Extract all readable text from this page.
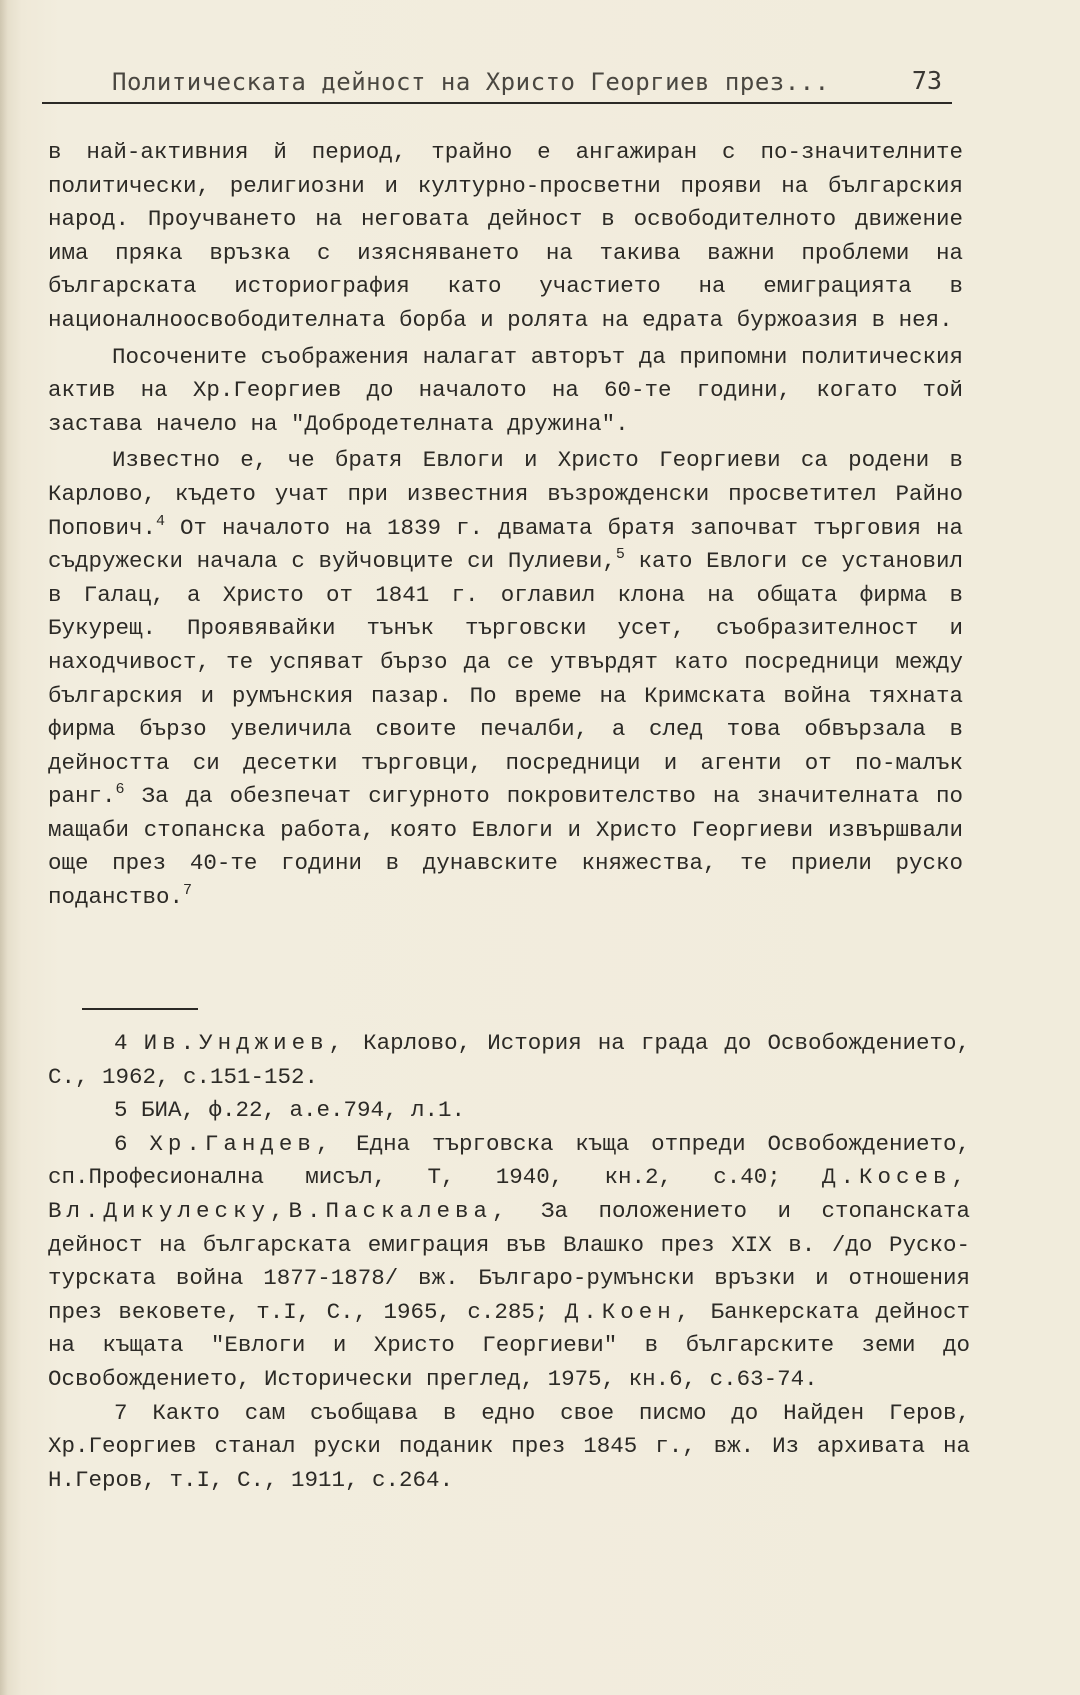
Политическата дейност на Христо Георгиев през...	73

в най-активния й период, трайно е ангажиран с по-значителните политически, религиозни и културно-просветни прояви на българския народ. Проучването на неговата дейност в освободителното движение има пряка връзка с изясняването на такива важни проблеми на българската историография като участието на емиграцията в националноосвободителната борба и ролята на едрата буржоазия в нея.

Посочените съображения налагат авторът да припомни политическия актив на Хр.Георгиев до началото на 60-те години, когато той застава начело на "Добродетелната дружина".

Известно е, че братя Евлоги и Христо Георгиеви са родени в Карлово, където учат при известния възрожденски просветител Райно Попович.$^4$ От началото на 1839 г. двамата братя започват търговия на съдружески начала с вуйчовците си Пулиеви,$^5$ като Евлоги се установил в Галац, а Христо от 1841 г. оглавил клона на общата фирма в Букурещ. Проявявайки тънък търговски усет, съобразителност и находчивост, те успяват бързо да се утвърдят като посредници между българския и румънския пазар. По време на Кримската война тяхната фирма бързо увеличила своите печалби, а след това обвързала в дейността си десетки търговци, посредници и агенти от по-малък ранг.$^6$ За да обезпечат сигурното покровителство на значителната по мащаби стопанска работа, която Евлоги и Христо Георгиеви извършвали още през 40-те години в дунавските княжества, те приели руско поданство.$^7$

4 Ив.Унджиев, Карлово, История на града до Освобождението, С., 1962, с.151-152.

5 БИА, ф.22, а.е.794, л.1.

6 Хр.Гандев, Една търговска къща отпреди Освобождението, сп.Професионална мисъл, Т, 1940, кн.2, с.40; Д.Косев, Вл.Дикулеску,В.Паскалева, За положението и стопанската дейност на българската емиграция във Влашко през XIX в. /до Руско-турската война 1877-1878/ вж. Българо-румънски връзки и отношения през вековете, т.I, С., 1965, с.285; Д.Коен, Банкерската дейност на къщата "Евлоги и Христо Георгиеви" в българските земи до Освобождението, Исторически преглед, 1975, кн.6, с.63-74.

7 Както сам съобщава в едно свое писмо до Найден Геров, Хр.Георгиев станал руски поданик през 1845 г., вж. Из архивата на Н.Геров, т.I, С., 1911, с.264.
